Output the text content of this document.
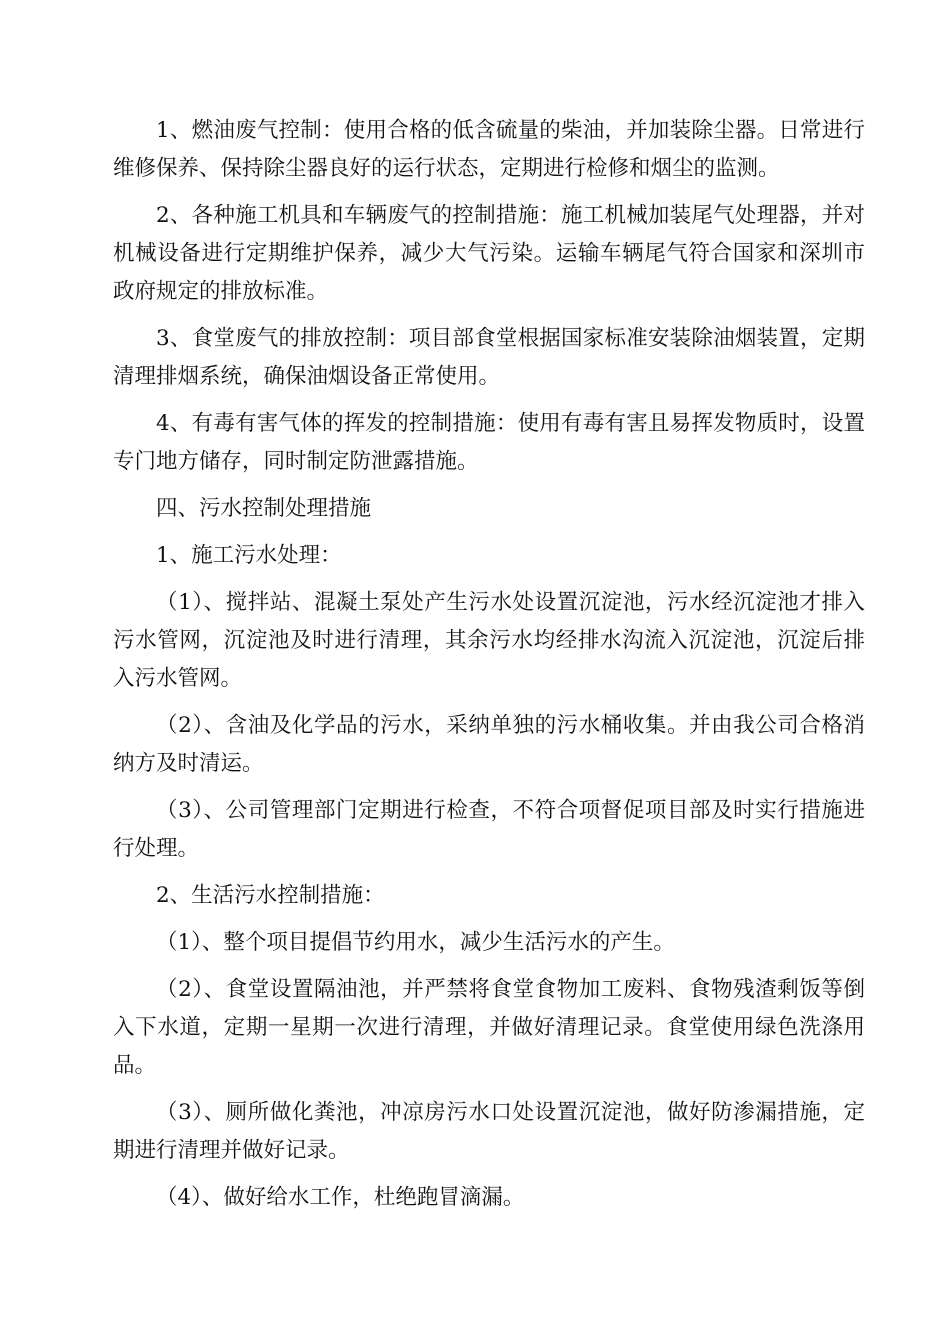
1、燃油废气控制：使用合格的低含硫量的柴油，并加装除尘器。日常进行维修保养、保持除尘器良好的运行状态，定期进行检修和烟尘的监测。

2、各种施工机具和车辆废气的控制措施：施工机械加装尾气处理器，并对机械设备进行定期维护保养，减少大气污染。运输车辆尾气符合国家和深圳市政府规定的排放标准。

3、食堂废气的排放控制：项目部食堂根据国家标准安装除油烟装置，定期清理排烟系统，确保油烟设备正常使用。

4、有毒有害气体的挥发的控制措施：使用有毒有害且易挥发物质时，设置专门地方储存，同时制定防泄露措施。

四、污水控制处理措施

1、施工污水处理：

（1）、搅拌站、混凝土泵处产生污水处设置沉淀池，污水经沉淀池才排入污水管网，沉淀池及时进行清理，其余污水均经排水沟流入沉淀池，沉淀后排入污水管网。

（2）、含油及化学品的污水，采纳单独的污水桶收集。并由我公司合格消纳方及时清运。

（3）、公司管理部门定期进行检查，不符合项督促项目部及时实行措施进行处理。

2、生活污水控制措施：

（1）、整个项目提倡节约用水，减少生活污水的产生。

（2）、食堂设置隔油池，并严禁将食堂食物加工废料、食物残渣剩饭等倒入下水道，定期一星期一次进行清理，并做好清理记录。食堂使用绿色洗涤用品。

（3）、厕所做化粪池，冲凉房污水口处设置沉淀池，做好防渗漏措施，定期进行清理并做好记录。

（4）、做好给水工作，杜绝跑冒滴漏。
